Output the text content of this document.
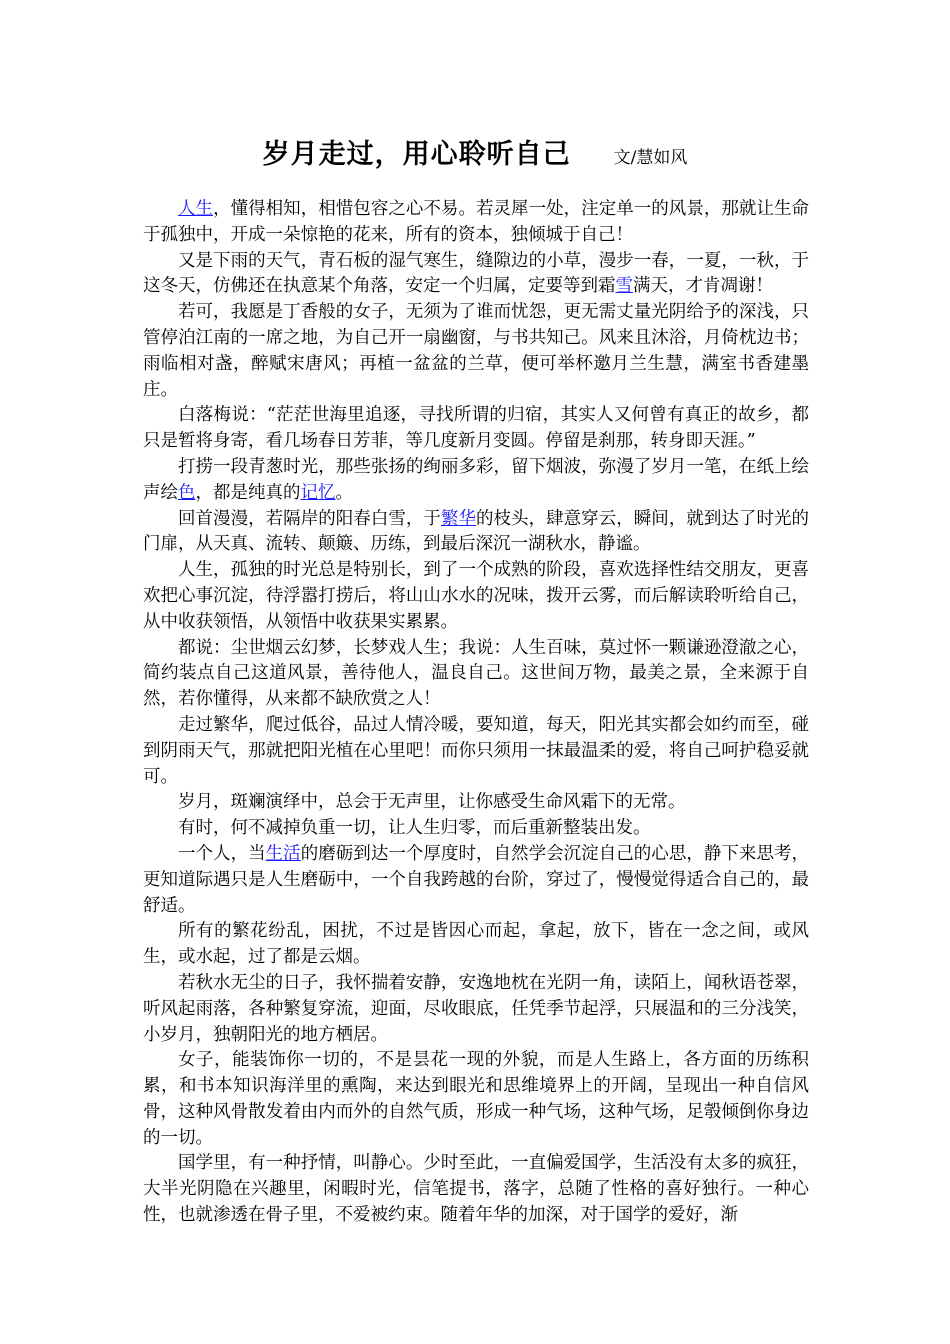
岁月走过，用心聆听自己	文/慧如风

人生，懂得相知，相惜包容之心不易。若灵犀一处，注定单一的风景，那就让生命于孤独中，开成一朵惊艳的花来，所有的资本，独倾城于自己！

又是下雨的天气，青石板的湿气寒生，缝隙边的小草，漫步一春，一夏，一秋，于这冬天，仿佛还在执意某个角落，安定一个归属，定要等到霜雪满天，才肯凋谢！

若可，我愿是丁香般的女子，无须为了谁而忧怨，更无需丈量光阴给予的深浅，只管停泊江南的一席之地，为自己开一扇幽窗，与书共知己。风来且沐浴，月倚枕边书；雨临相对盏，醉赋宋唐风；再植一盆盆的兰草，便可举杯邀月兰生慧，满室书香建墨庄。

白落梅说：“茫茫世海里追逐，寻找所谓的归宿，其实人又何曾有真正的故乡，都只是暂将身寄，看几场春日芳菲，等几度新月变圆。停留是刹那，转身即天涯。”

打捞一段青葱时光，那些张扬的绚丽多彩，留下烟波，弥漫了岁月一笔，在纸上绘声绘色，都是纯真的记忆。

回首漫漫，若隔岸的阳春白雪，于繁华的枝头，肆意穿云，瞬间，就到达了时光的门扉，从天真、流转、颠簸、历练，到最后深沉一湖秋水，静谧。

人生，孤独的时光总是特别长，到了一个成熟的阶段，喜欢选择性结交朋友，更喜欢把心事沉淀，待浮嚣打捞后，将山山水水的况味，拨开云雾，而后解读聆听给自己，从中收获领悟，从领悟中收获果实累累。

都说：尘世烟云幻梦，长梦戏人生；我说：人生百味，莫过怀一颗谦逊澄澈之心，简约装点自己这道风景，善待他人，温良自己。这世间万物，最美之景，全来源于自然，若你懂得，从来都不缺欣赏之人！

走过繁华，爬过低谷，品过人情冷暖，要知道，每天，阳光其实都会如约而至，碰到阴雨天气，那就把阳光植在心里吧！而你只须用一抹最温柔的爱，将自己呵护稳妥就可。

岁月，斑斓演绎中，总会于无声里，让你感受生命风霜下的无常。

有时，何不减掉负重一切，让人生归零，而后重新整装出发。

一个人，当生活的磨砺到达一个厚度时，自然学会沉淀自己的心思，静下来思考，更知道际遇只是人生磨砺中，一个自我跨越的台阶，穿过了，慢慢觉得适合自己的，最舒适。

所有的繁花纷乱，困扰，不过是皆因心而起，拿起，放下，皆在一念之间，或风生，或水起，过了都是云烟。

若秋水无尘的日子，我怀揣着安静，安逸地枕在光阴一角，读陌上，闻秋语苍翠，听风起雨落，各种繁复穿流，迎面，尽收眼底，任凭季节起浮，只展温和的三分浅笑，小岁月，独朝阳光的地方栖居。

女子，能装饰你一切的，不是昙花一现的外貌，而是人生路上，各方面的历练积累，和书本知识海洋里的熏陶，来达到眼光和思维境界上的开阔，呈现出一种自信风骨，这种风骨散发着由内而外的自然气质，形成一种气场，这种气场，足彀倾倒你身边的一切。

国学里，有一种抒情，叫静心。少时至此，一直偏爱国学，生活没有太多的疯狂，大半光阴隐在兴趣里，闲暇时光，信笔提书，落字，总随了性格的喜好独行。一种心性，也就渗透在骨子里，不爱被约束。随着年华的加深，对于国学的爱好，渐
